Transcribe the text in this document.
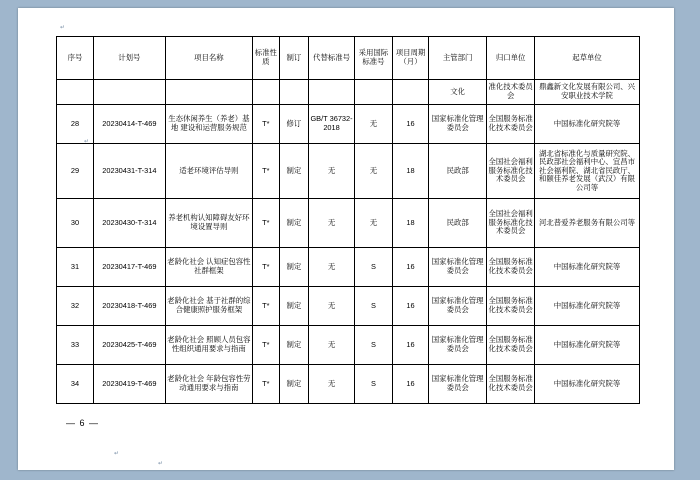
↵
↵
↵
↵
序号	计划号	项目名称	标准性质	制订	代替标准号	采用国际标准号	项目周期（月）	主管部门	归口单位	起草单位
								文化	准化技术委员会	鼎鑫新文化发展有限公司、兴安职业技术学院
28	20230414-T-469	生态休闲养生（养老）基地 建设和运营服务规范	T*	修订	GB/T 36732-2018	无	16	国家标准化管理委员会	全国服务标准化技术委员会	中国标准化研究院等
29	20230431-T-314	适老环境评估导则	T*	制定	无	无	18	民政部	全国社会福利服务标准化技术委员会	湖北省标准化与质量研究院、民政部社会福利中心、宜昌市社会福利院、湖北省民政厅、和颐佳养老发展（武汉）有限公司等
30	20230430-T-314	养老机构认知障碍友好环境设置导则	T*	制定	无	无	18	民政部	全国社会福利服务标准化技术委员会	河北普爱养老服务有限公司等
31	20230417-T-469	老龄化社会 认知症包容性社群框架	T*	制定	无	S	16	国家标准化管理委员会	全国服务标准化技术委员会	中国标准化研究院等
32	20230418-T-469	老龄化社会 基于社群的综合健康照护服务框架	T*	制定	无	S	16	国家标准化管理委员会	全国服务标准化技术委员会	中国标准化研究院等
33	20230425-T-469	老龄化社会 照顾人员包容性组织通用要求与指南	T*	制定	无	S	16	国家标准化管理委员会	全国服务标准化技术委员会	中国标准化研究院等
34	20230419-T-469	老龄化社会 年龄包容性劳动通用要求与指南	T*	制定	无	S	16	国家标准化管理委员会	全国服务标准化技术委员会	中国标准化研究院等
— 6 —
